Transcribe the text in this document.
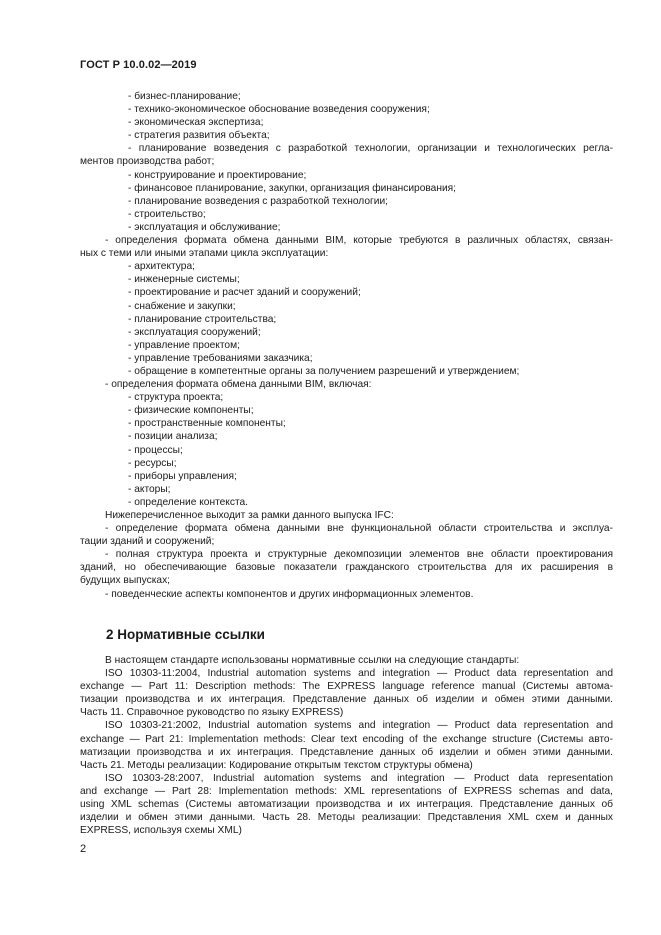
ГОСТ Р 10.0.02—2019
- бизнес-планирование;
- технико-экономическое обоснование возведения сооружения;
- экономическая экспертиза;
- стратегия развития объекта;
- планирование возведения с разработкой технологии, организации и технологических регла-
ментов производства работ;
- конструирование и проектирование;
- финансовое планирование, закупки, организация финансирования;
- планирование возведения с разработкой технологии;
- строительство;
- эксплуатация и обслуживание;
- определения формата обмена данными BIM, которые требуются в различных областях, связан-
ных с теми или иными этапами цикла эксплуатации:
- архитектура;
- инженерные системы;
- проектирование и расчет зданий и сооружений;
- снабжение и закупки;
- планирование строительства;
- эксплуатация сооружений;
- управление проектом;
- управление требованиями заказчика;
- обращение в компетентные органы за получением разрешений и утверждением;
- определения формата обмена данными BIM, включая:
- структура проекта;
- физические компоненты;
- пространственные компоненты;
- позиции анализа;
- процессы;
- ресурсы;
- приборы управления;
- акторы;
- определение контекста.
Нижеперечисленное выходит за рамки данного выпуска IFC:
- определение формата обмена данными вне функциональной области строительства и эксплуа-
тации зданий и сооружений;
- полная структура проекта и структурные декомпозиции элементов вне области проектирования
зданий, но обеспечивающие базовые показатели гражданского строительства для их расширения в
будущих выпусках;
- поведенческие аспекты компонентов и других информационных элементов.
2 Нормативные ссылки
В настоящем стандарте использованы нормативные ссылки на следующие стандарты:
ISO 10303-11:2004, Industrial automation systems and integration — Product data representation and
exchange — Part 11: Description methods: The EXPRESS language reference manual (Системы автома-
тизации производства и их интеграция. Представление данных об изделии и обмен этими данными.
Часть 11. Справочное руководство по языку EXPRESS)
ISO 10303-21:2002, Industrial automation systems and integration — Product data representation and
exchange — Part 21: Implementation methods: Clear text encoding of the exchange structure (Системы авто-
матизации производства и их интеграция. Представление данных об изделии и обмен этими данными.
Часть 21. Методы реализации: Кодирование открытым текстом структуры обмена)
ISO 10303-28:2007, Industrial automation systems and integration — Product data representation
and exchange — Part 28: Implementation methods: XML representations of EXPRESS schemas and data,
using XML schemas (Системы автоматизации производства и их интеграция. Представление данных об
изделии и обмен этими данными. Часть 28. Методы реализации: Представления XML схем и данных
EXPRESS, используя схемы XML)
2
